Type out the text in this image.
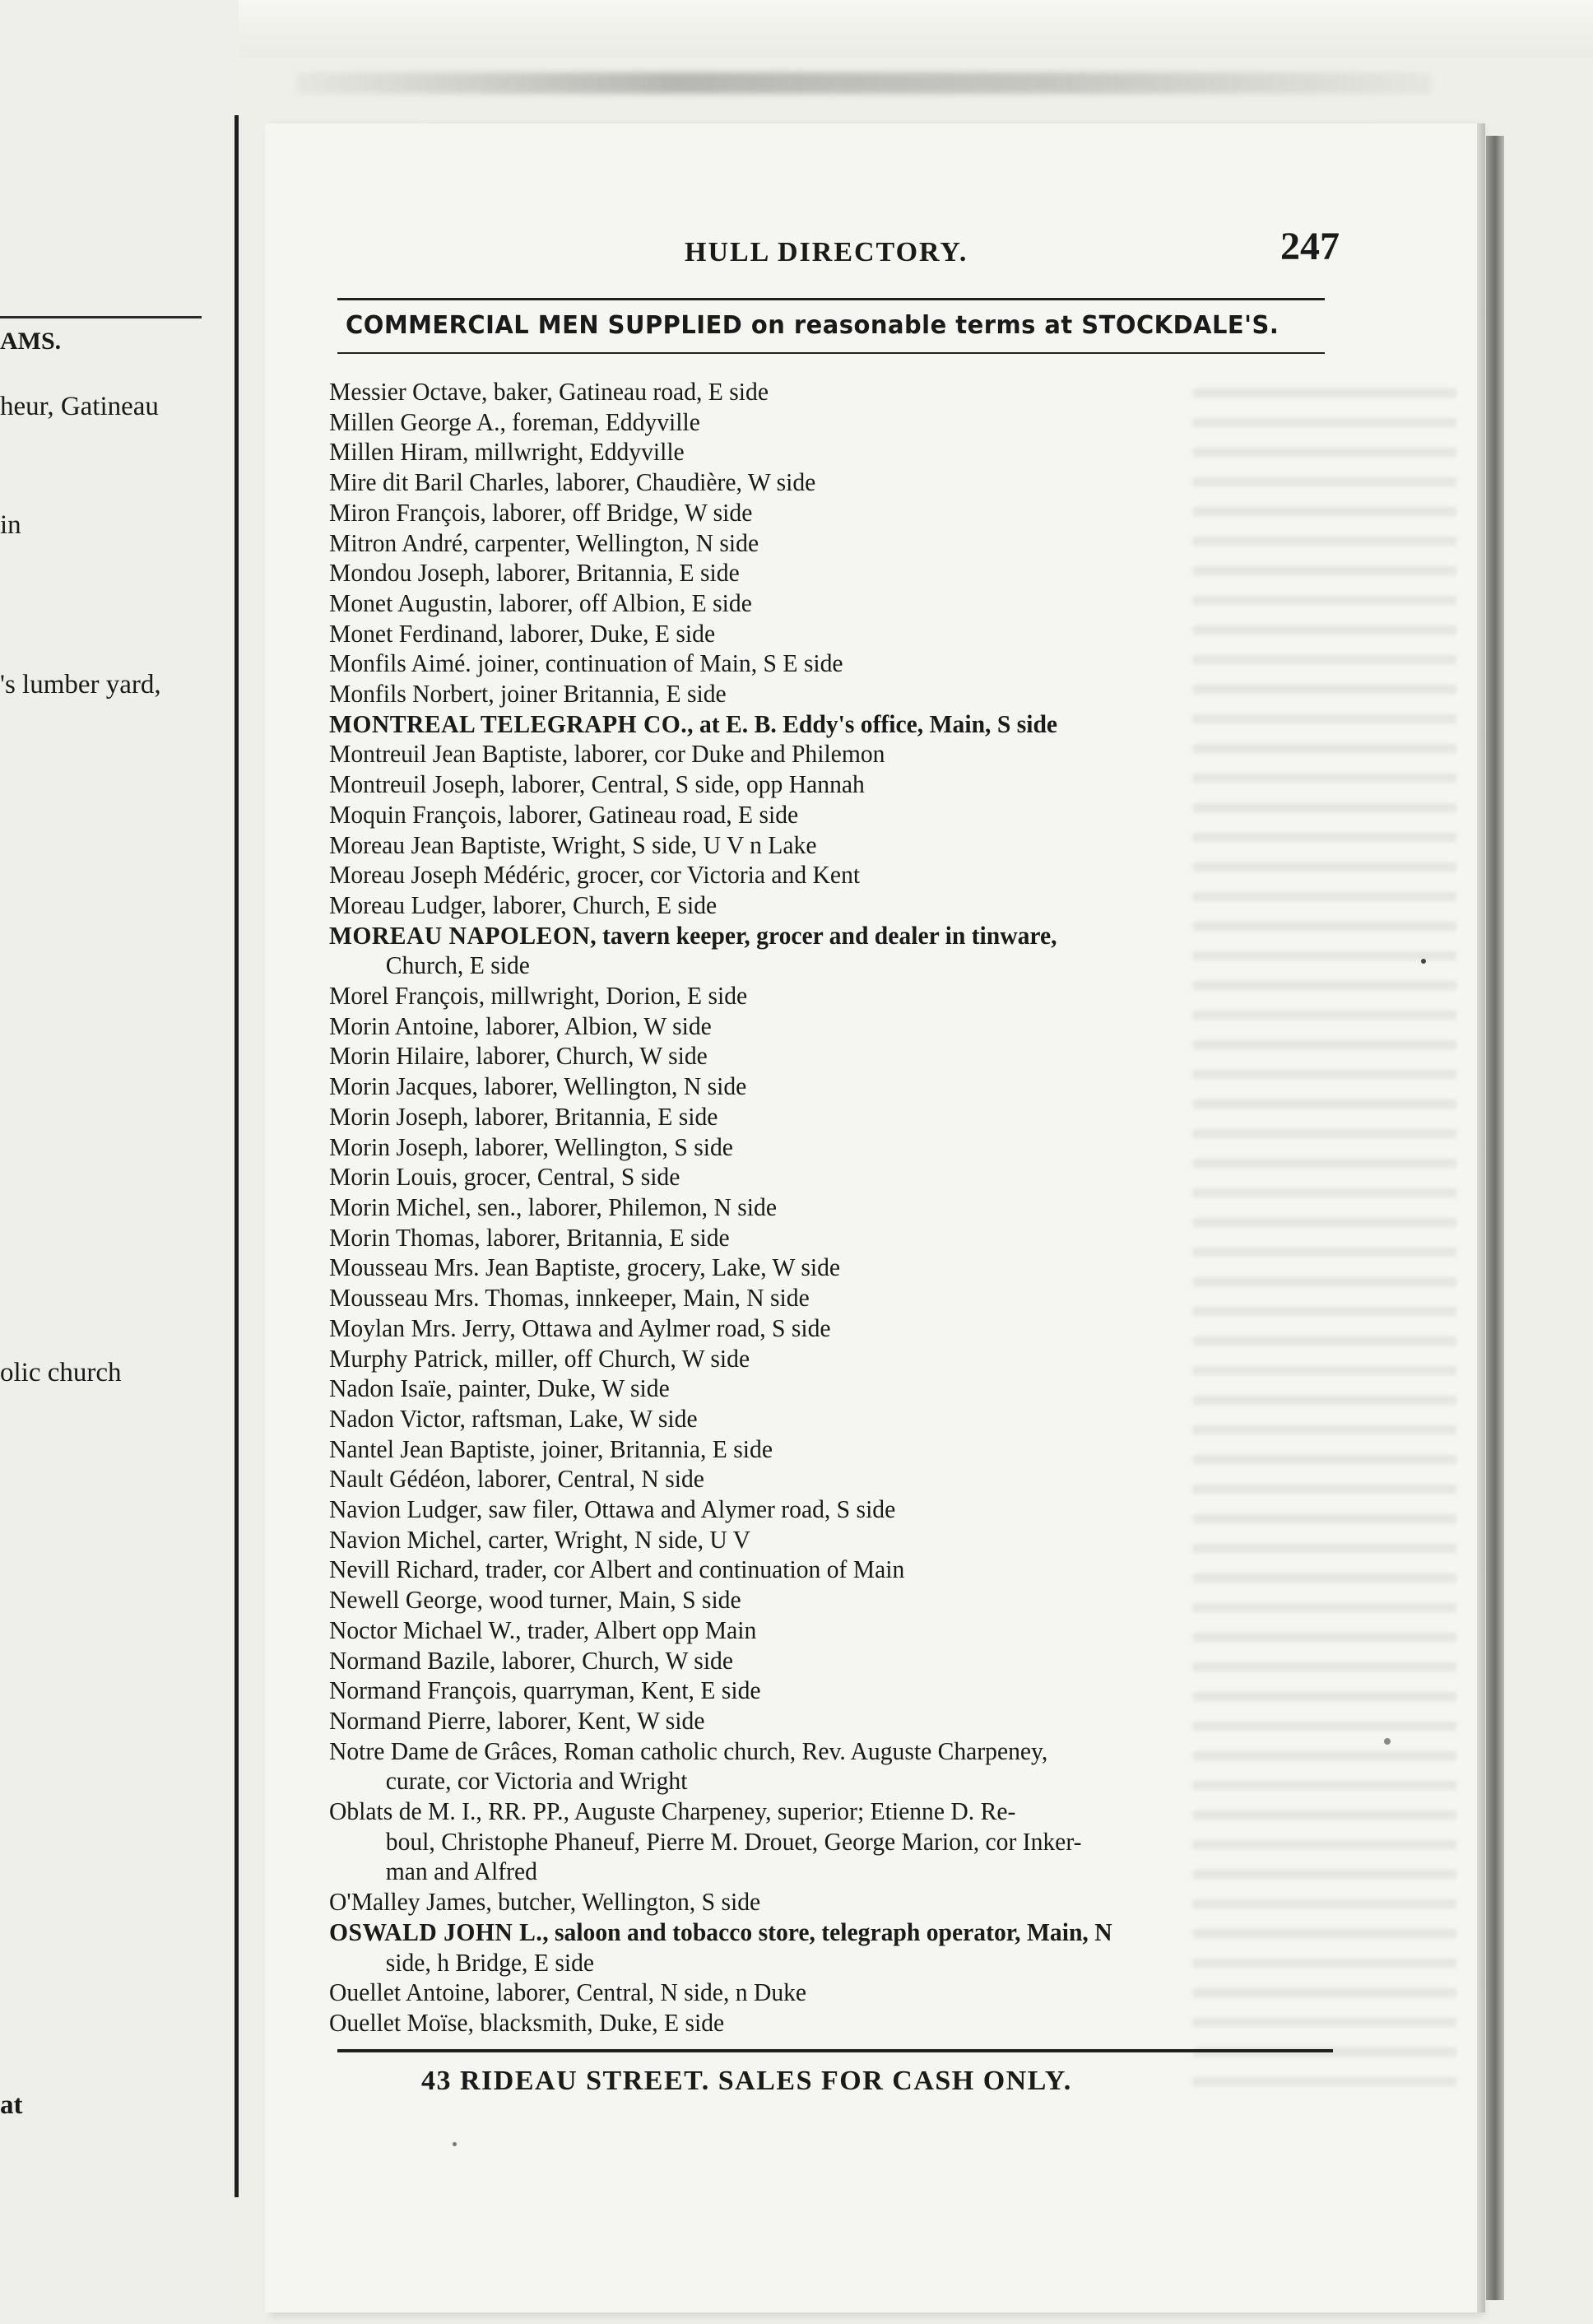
AMS.
heur, Gatineau
in
's lumber yard,
olic church
at
HULL DIRECTORY.	247
COMMERCIAL MEN SUPPLIED on reasonable terms at STOCKDALE'S.
Messier Octave, baker, Gatineau road, E side
Millen George A., foreman, Eddyville
Millen Hiram, millwright, Eddyville
Mire dit Baril Charles, laborer, Chaudière, W side
Miron François, laborer, off Bridge, W side
Mitron André, carpenter, Wellington, N side
Mondou Joseph, laborer, Britannia, E side
Monet Augustin, laborer, off Albion, E side
Monet Ferdinand, laborer, Duke, E side
Monfils Aimé. joiner, continuation of Main, S E side
Monfils Norbert, joiner Britannia, E side
MONTREAL TELEGRAPH CO., at E. B. Eddy's office, Main, S side
Montreuil Jean Baptiste, laborer, cor Duke and Philemon
Montreuil Joseph, laborer, Central, S side, opp Hannah
Moquin François, laborer, Gatineau road, E side
Moreau Jean Baptiste, Wright, S side, U V n Lake
Moreau Joseph Médéric, grocer, cor Victoria and Kent
Moreau Ludger, laborer, Church, E side
MOREAU NAPOLEON, tavern keeper, grocer and dealer in tinware,
Church, E side
Morel François, millwright, Dorion, E side
Morin Antoine, laborer, Albion, W side
Morin Hilaire, laborer, Church, W side
Morin Jacques, laborer, Wellington, N side
Morin Joseph, laborer, Britannia, E side
Morin Joseph, laborer, Wellington, S side
Morin Louis, grocer, Central, S side
Morin Michel, sen., laborer, Philemon, N side
Morin Thomas, laborer, Britannia, E side
Mousseau Mrs. Jean Baptiste, grocery, Lake, W side
Mousseau Mrs. Thomas, innkeeper, Main, N side
Moylan Mrs. Jerry, Ottawa and Aylmer road, S side
Murphy Patrick, miller, off Church, W side
Nadon Isaïe, painter, Duke, W side
Nadon Victor, raftsman, Lake, W side
Nantel Jean Baptiste, joiner, Britannia, E side
Nault Gédéon, laborer, Central, N side
Navion Ludger, saw filer, Ottawa and Alymer road, S side
Navion Michel, carter, Wright, N side, U V
Nevill Richard, trader, cor Albert and continuation of Main
Newell George, wood turner, Main, S side
Noctor Michael W., trader, Albert opp Main
Normand Bazile, laborer, Church, W side
Normand François, quarryman, Kent, E side
Normand Pierre, laborer, Kent, W side
Notre Dame de Grâces, Roman catholic church, Rev. Auguste Charpeney,
curate, cor Victoria and Wright
Oblats de M. I., RR. PP., Auguste Charpeney, superior; Etienne D. Re-
boul, Christophe Phaneuf, Pierre M. Drouet, George Marion, cor Inker-
man and Alfred
O'Malley James, butcher, Wellington, S side
OSWALD JOHN L., saloon and tobacco store, telegraph operator, Main, N
side, h Bridge, E side
Ouellet Antoine, laborer, Central, N side, n Duke
Ouellet Moïse, blacksmith, Duke, E side
43 RIDEAU STREET. SALES FOR CASH ONLY.
